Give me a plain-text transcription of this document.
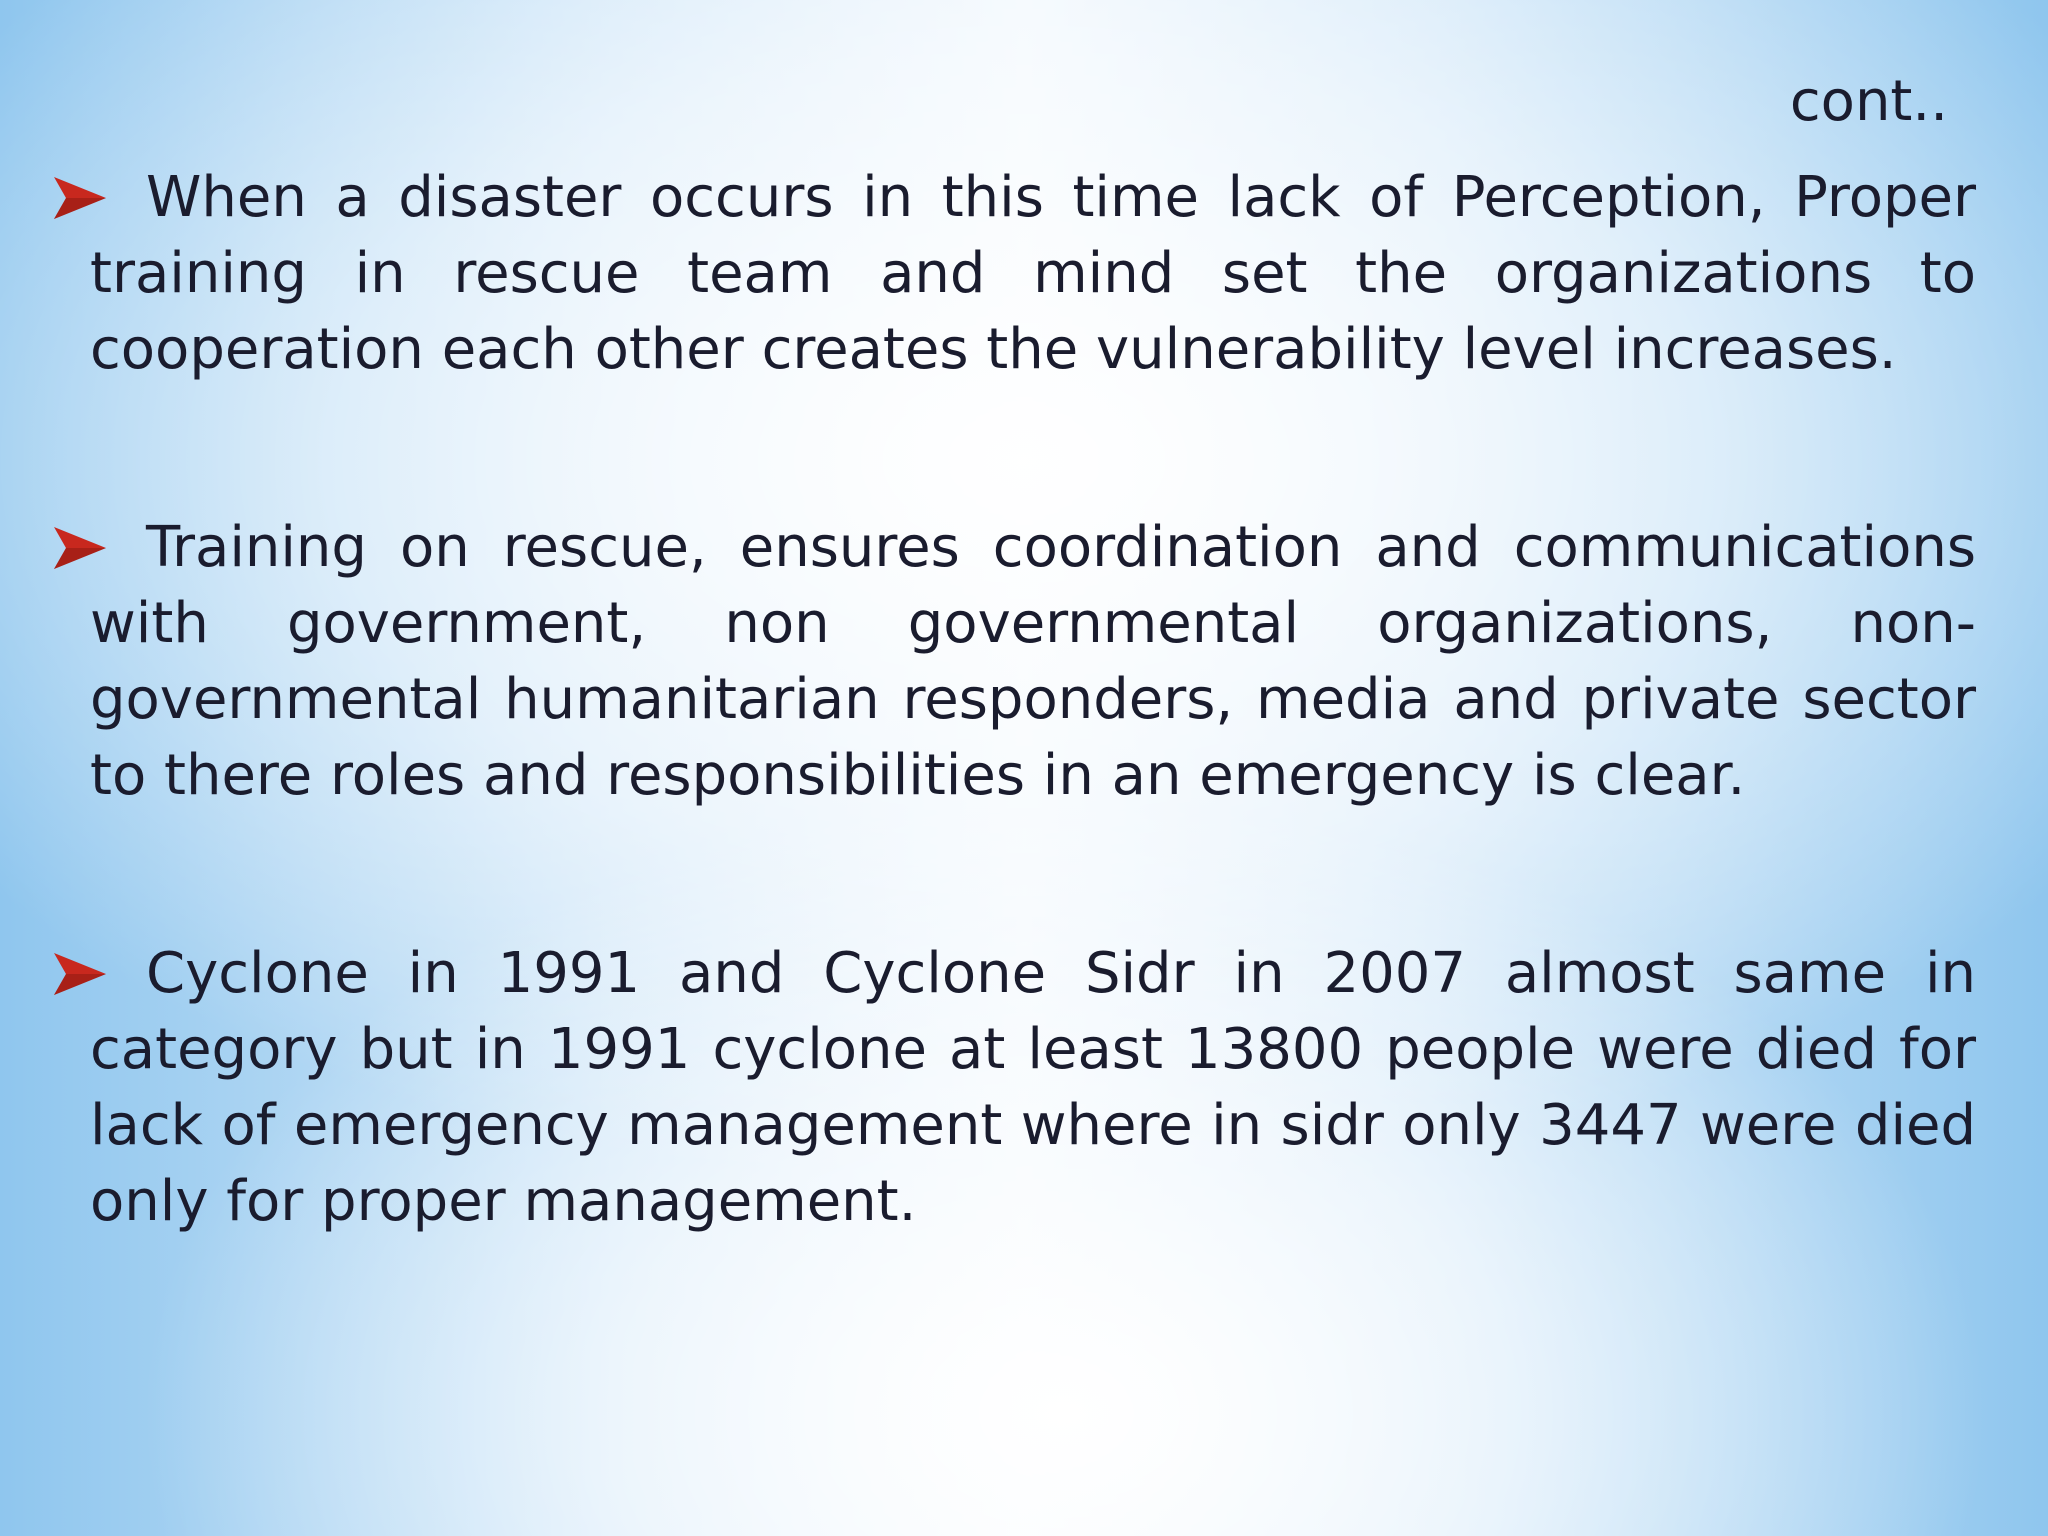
cont..
When a disaster occurs in this time lack of Perception, Proper training in rescue team and mind set the organizations to cooperation each other creates the vulnerability level increases.
Training on rescue, ensures coordination and communications with government, non governmental organizations, non-governmental humanitarian responders, media and private sector to there roles and responsibilities in an emergency is clear.
Cyclone in 1991 and Cyclone Sidr in 2007 almost same in category but in 1991 cyclone at least 13800 people were died for lack of emergency management where in sidr only 3447 were died only for proper management.
